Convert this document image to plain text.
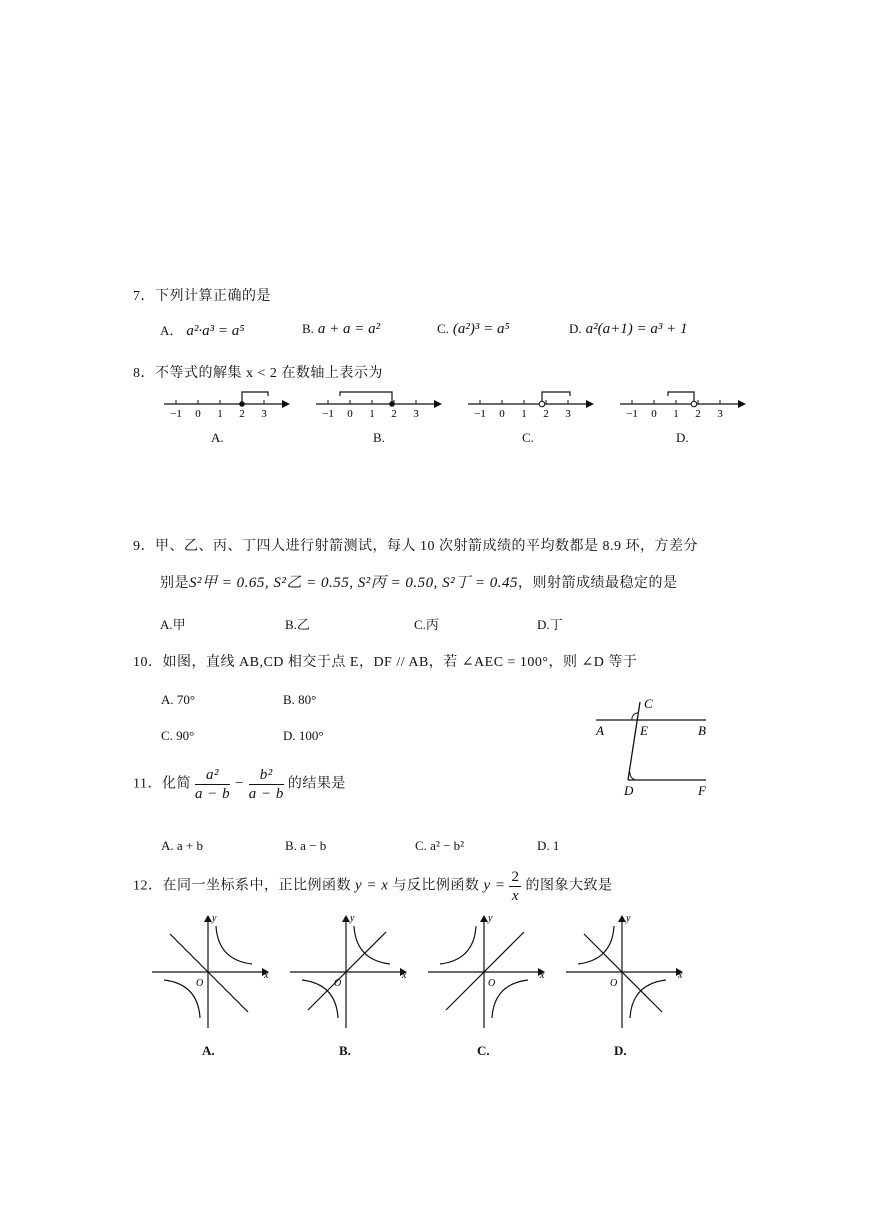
7．下列计算正确的是
A． a²·a³ = a⁵	B. a + a = a²	C. (a²)³ = a⁵	D. a²(a+1) = a³ + 1
8．不等式的解集 x < 2 在数轴上表示为
−1 0 1 2 3
A.
−1 0 1 2 3
B.
−1 0 1 2 3
C.
−1 0 1 2 3
D.
9．甲、乙、丙、丁四人进行射箭测试，每人 10 次射箭成绩的平均数都是 8.9 环，方差分
别是S²甲 = 0.65, S²乙 = 0.55, S²丙 = 0.50, S²丁 = 0.45，则射箭成绩最稳定的是
A.甲	B.乙	C.丙	D.丁
10．如图，直线 AB,CD 相交于点 E，DF // AB，若 ∠AEC = 100°，则 ∠D 等于
A. 70°	B. 80°
C. 90°	D. 100°
C
A	E	B
D	F
11．化简 $\frac{\text{a²}}{a - b} - \frac{\text{b²}}{a - b}$ 的结果是
A. a + b	B. a − b	C. a² − b²	D. 1
12．在同一坐标系中，正比例函数 y = x 与反比例函数 $y = \frac{2}{x}$ 的图象大致是
x
y
O
A.
x
y
O
B.
x
y
O
C.
x
y
O
D.
